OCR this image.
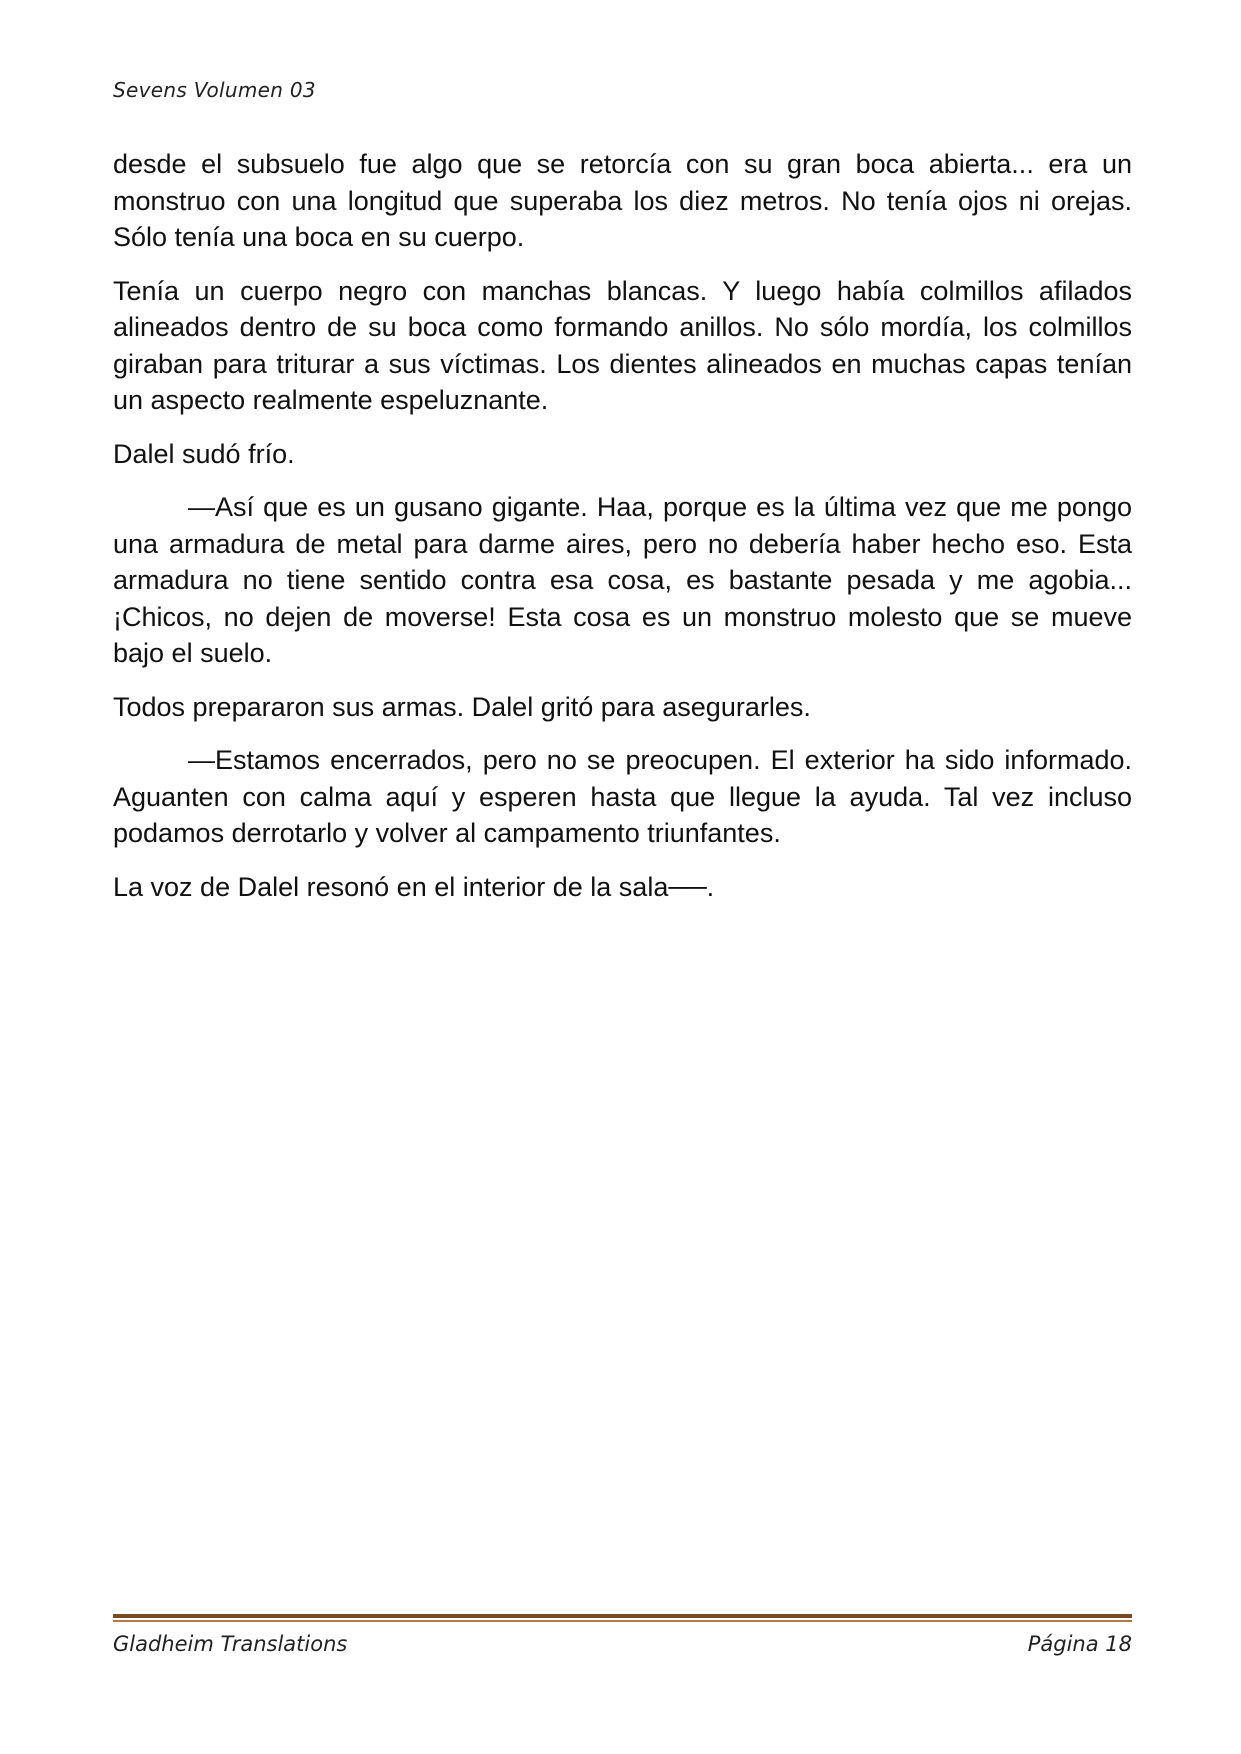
Sevens Volumen 03

desde el subsuelo fue algo que se retorcía con su gran boca abierta... era un monstruo con una longitud que superaba los diez metros. No tenía ojos ni orejas. Sólo tenía una boca en su cuerpo.

Tenía un cuerpo negro con manchas blancas. Y luego había colmillos afilados alineados dentro de su boca como formando anillos. No sólo mordía, los colmillos giraban para triturar a sus víctimas. Los dientes alineados en muchas capas tenían un aspecto realmente espeluznante.

Dalel sudó frío.

—Así que es un gusano gigante. Haa, porque es la última vez que me pongo una armadura de metal para darme aires, pero no debería haber hecho eso. Esta armadura no tiene sentido contra esa cosa, es bastante pesada y me agobia... ¡Chicos, no dejen de moverse! Esta cosa es un monstruo molesto que se mueve bajo el suelo.

Todos prepararon sus armas. Dalel gritó para asegurarles.

—Estamos encerrados, pero no se preocupen. El exterior ha sido informado. Aguanten con calma aquí y esperen hasta que llegue la ayuda. Tal vez incluso podamos derrotarlo y volver al campamento triunfantes.

La voz de Dalel resonó en el interior de la sala──.

Gladheim Translations	Página 18
